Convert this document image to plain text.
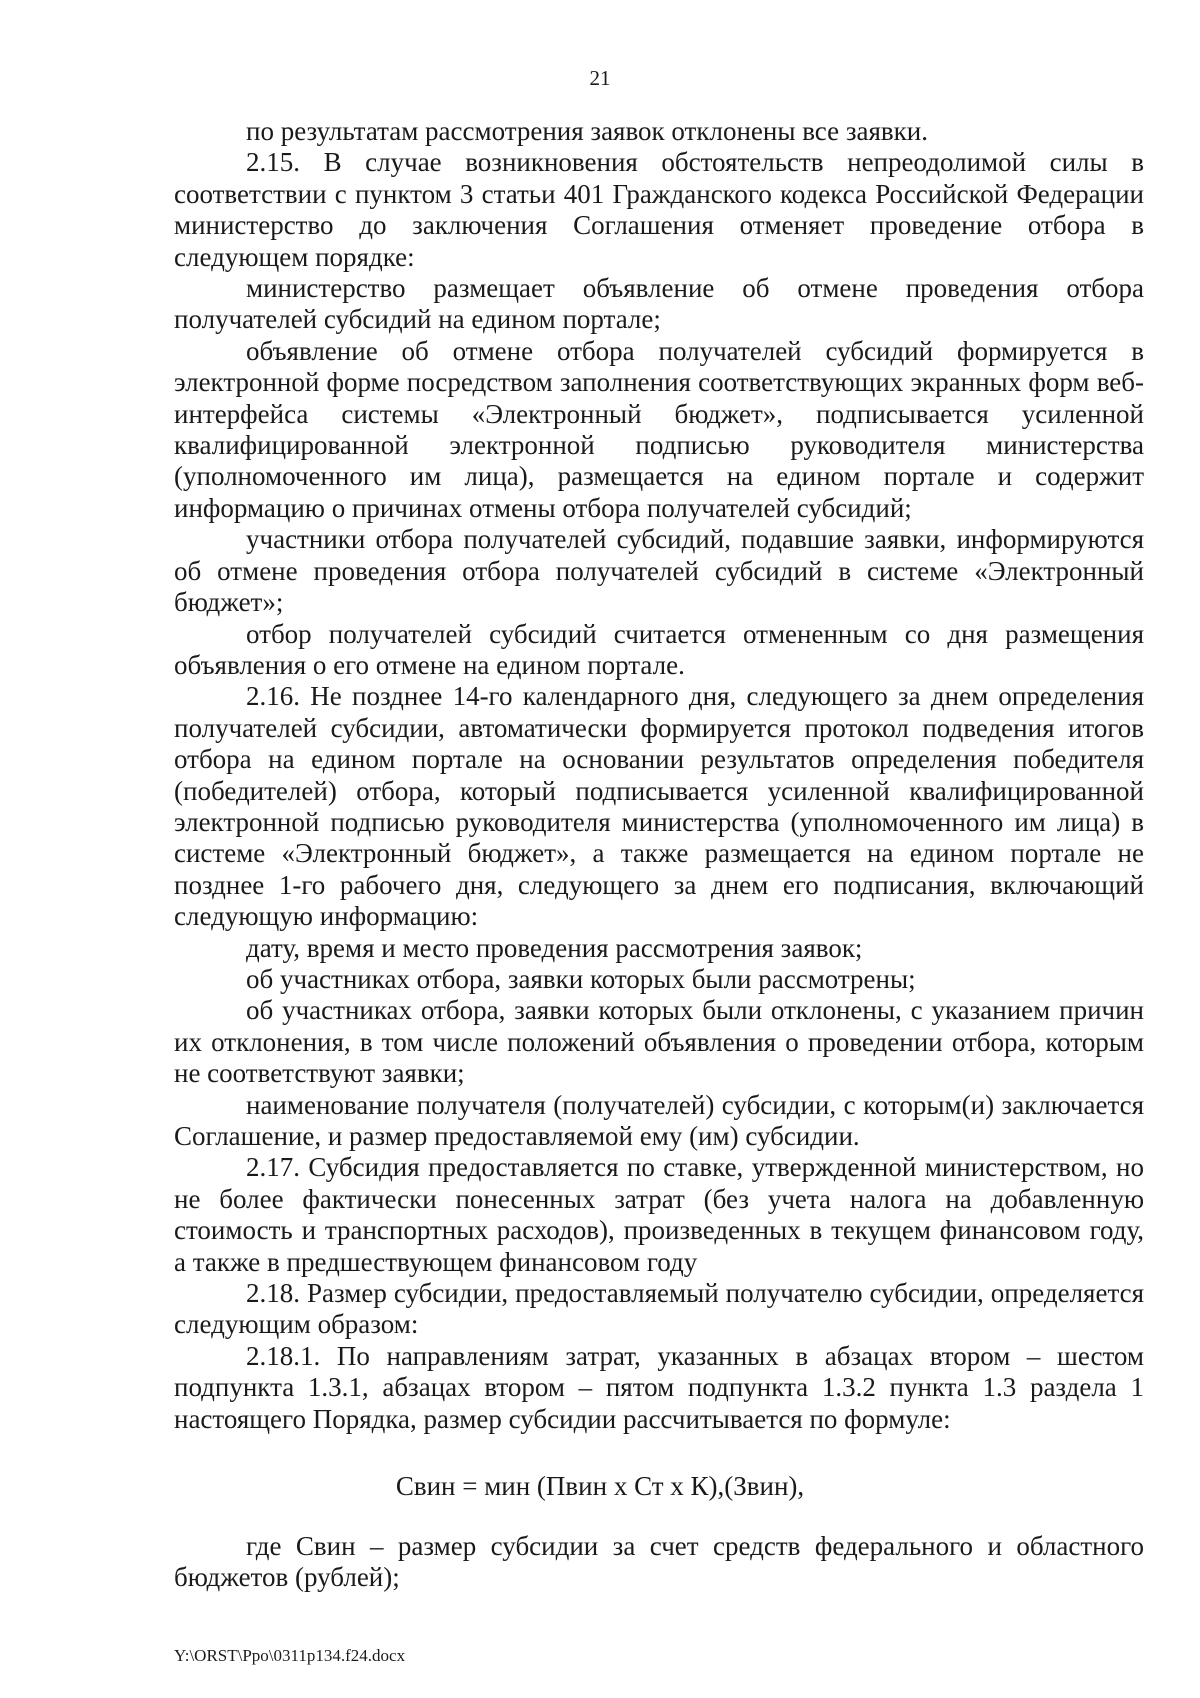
21

по результатам рассмотрения заявок отклонены все заявки.

2.15. В случае возникновения обстоятельств непреодолимой силы в соответствии с пунктом 3 статьи 401 Гражданского кодекса Российской Федерации министерство до заключения Соглашения отменяет проведение отбора в следующем порядке:

министерство размещает объявление об отмене проведения отбора получателей субсидий на едином портале;

объявление об отмене отбора получателей субсидий формируется в электронной форме посредством заполнения соответствующих экранных форм веб-интерфейса системы «Электронный бюджет», подписывается усиленной квалифицированной электронной подписью руководителя министерства (уполномоченного им лица), размещается на едином портале и содержит информацию о причинах отмены отбора получателей субсидий;

участники отбора получателей субсидий, подавшие заявки, информируются об отмене проведения отбора получателей субсидий в системе «Электронный бюджет»;

отбор получателей субсидий считается отмененным со дня размещения объявления о его отмене на едином портале.

2.16. Не позднее 14-го календарного дня, следующего за днем определения получателей субсидии, автоматически формируется протокол подведения итогов отбора на едином портале на основании результатов определения победителя (победителей) отбора, который подписывается усиленной квалифицированной электронной подписью руководителя министерства (уполномоченного им лица) в системе «Электронный бюджет», а также размещается на едином портале не позднее 1-го рабочего дня, следующего за днем его подписания, включающий следующую информацию:

дату, время и место проведения рассмотрения заявок;

об участниках отбора, заявки которых были рассмотрены;

об участниках отбора, заявки которых были отклонены, с указанием причин их отклонения, в том числе положений объявления о проведении отбора, которым не соответствуют заявки;

наименование получателя (получателей) субсидии, с которым(и) заключается Соглашение, и размер предоставляемой ему (им) субсидии.

2.17. Субсидия предоставляется по ставке, утвержденной министерством, но не более фактически понесенных затрат (без учета налога на добавленную стоимость и транспортных расходов), произведенных в текущем финансовом году, а также в предшествующем финансовом году

2.18. Размер субсидии, предоставляемый получателю субсидии, определяется следующим образом:

2.18.1. По направлениям затрат, указанных в абзацах втором – шестом подпункта 1.3.1, абзацах втором – пятом подпункта 1.3.2 пункта 1.3 раздела 1 настоящего Порядка, размер субсидии рассчитывается по формуле:

Свин = мин (Пвин х Ст х К),(Звин),

где Свин – размер субсидии за счет средств федерального и областного бюджетов (рублей);

Y:\ORST\Ppo\0311p134.f24.docx
